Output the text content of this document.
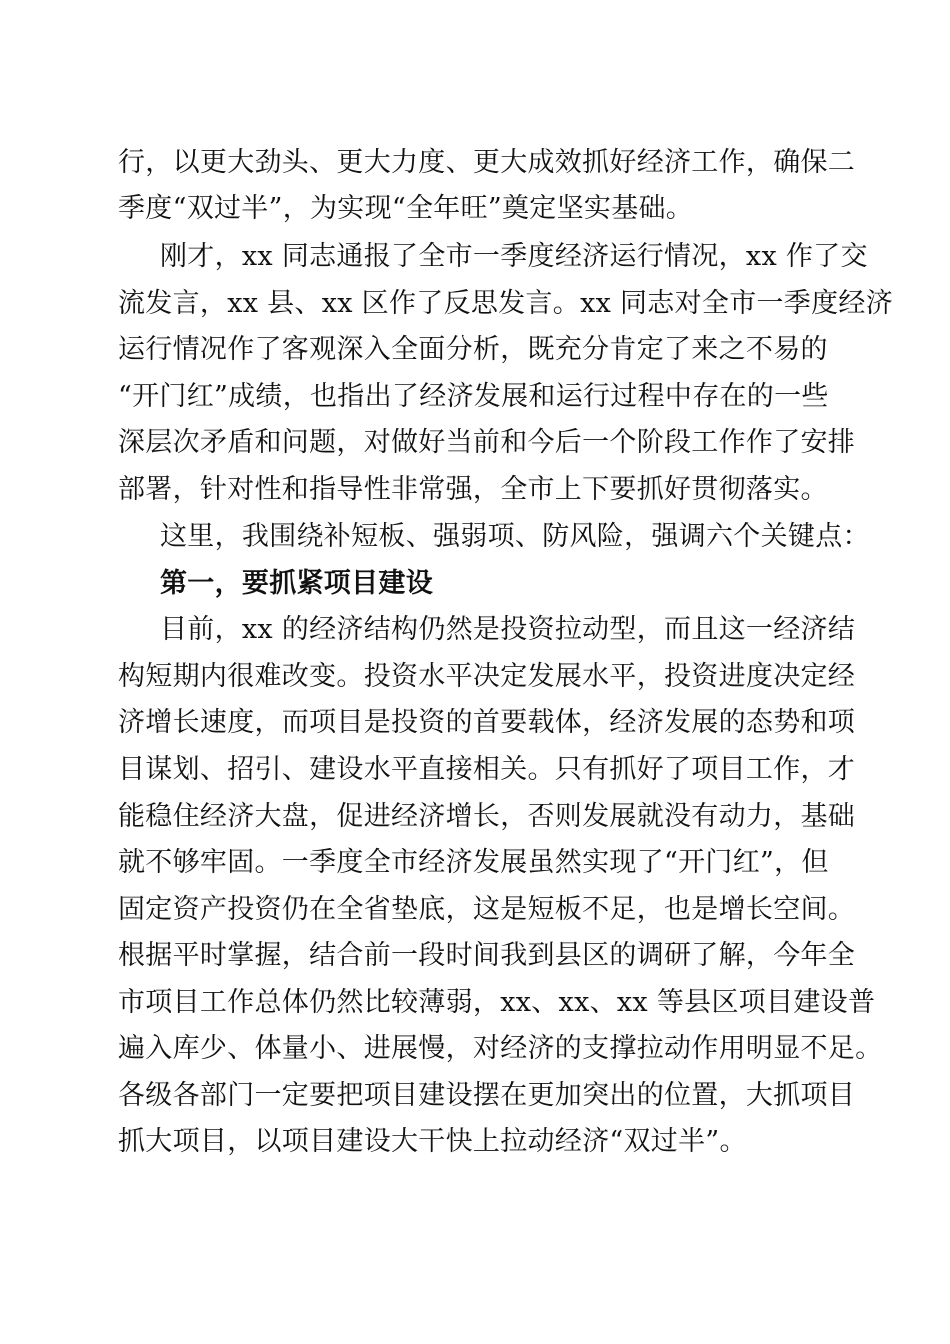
行，以更大劲头、更大力度、更大成效抓好经济工作，确保二
季度“双过半”，为实现“全年旺”奠定坚实基础。
刚才，xx 同志通报了全市一季度经济运行情况，xx 作了交
流发言，xx 县、xx 区作了反思发言。xx 同志对全市一季度经济
运行情况作了客观深入全面分析，既充分肯定了来之不易的
“开门红”成绩，也指出了经济发展和运行过程中存在的一些
深层次矛盾和问题，对做好当前和今后一个阶段工作作了安排
部署，针对性和指导性非常强，全市上下要抓好贯彻落实。
这里，我围绕补短板、强弱项、防风险，强调六个关键点：
第一，要抓紧项目建设
目前，xx 的经济结构仍然是投资拉动型，而且这一经济结
构短期内很难改变。投资水平决定发展水平，投资进度决定经
济增长速度，而项目是投资的首要载体，经济发展的态势和项
目谋划、招引、建设水平直接相关。只有抓好了项目工作，才
能稳住经济大盘，促进经济增长，否则发展就没有动力，基础
就不够牢固。一季度全市经济发展虽然实现了“开门红”，但
固定资产投资仍在全省垫底，这是短板不足，也是增长空间。
根据平时掌握，结合前一段时间我到县区的调研了解，今年全
市项目工作总体仍然比较薄弱，xx、xx、xx 等县区项目建设普
遍入库少、体量小、进展慢，对经济的支撑拉动作用明显不足。
各级各部门一定要把项目建设摆在更加突出的位置，大抓项目
抓大项目，以项目建设大干快上拉动经济“双过半”。
